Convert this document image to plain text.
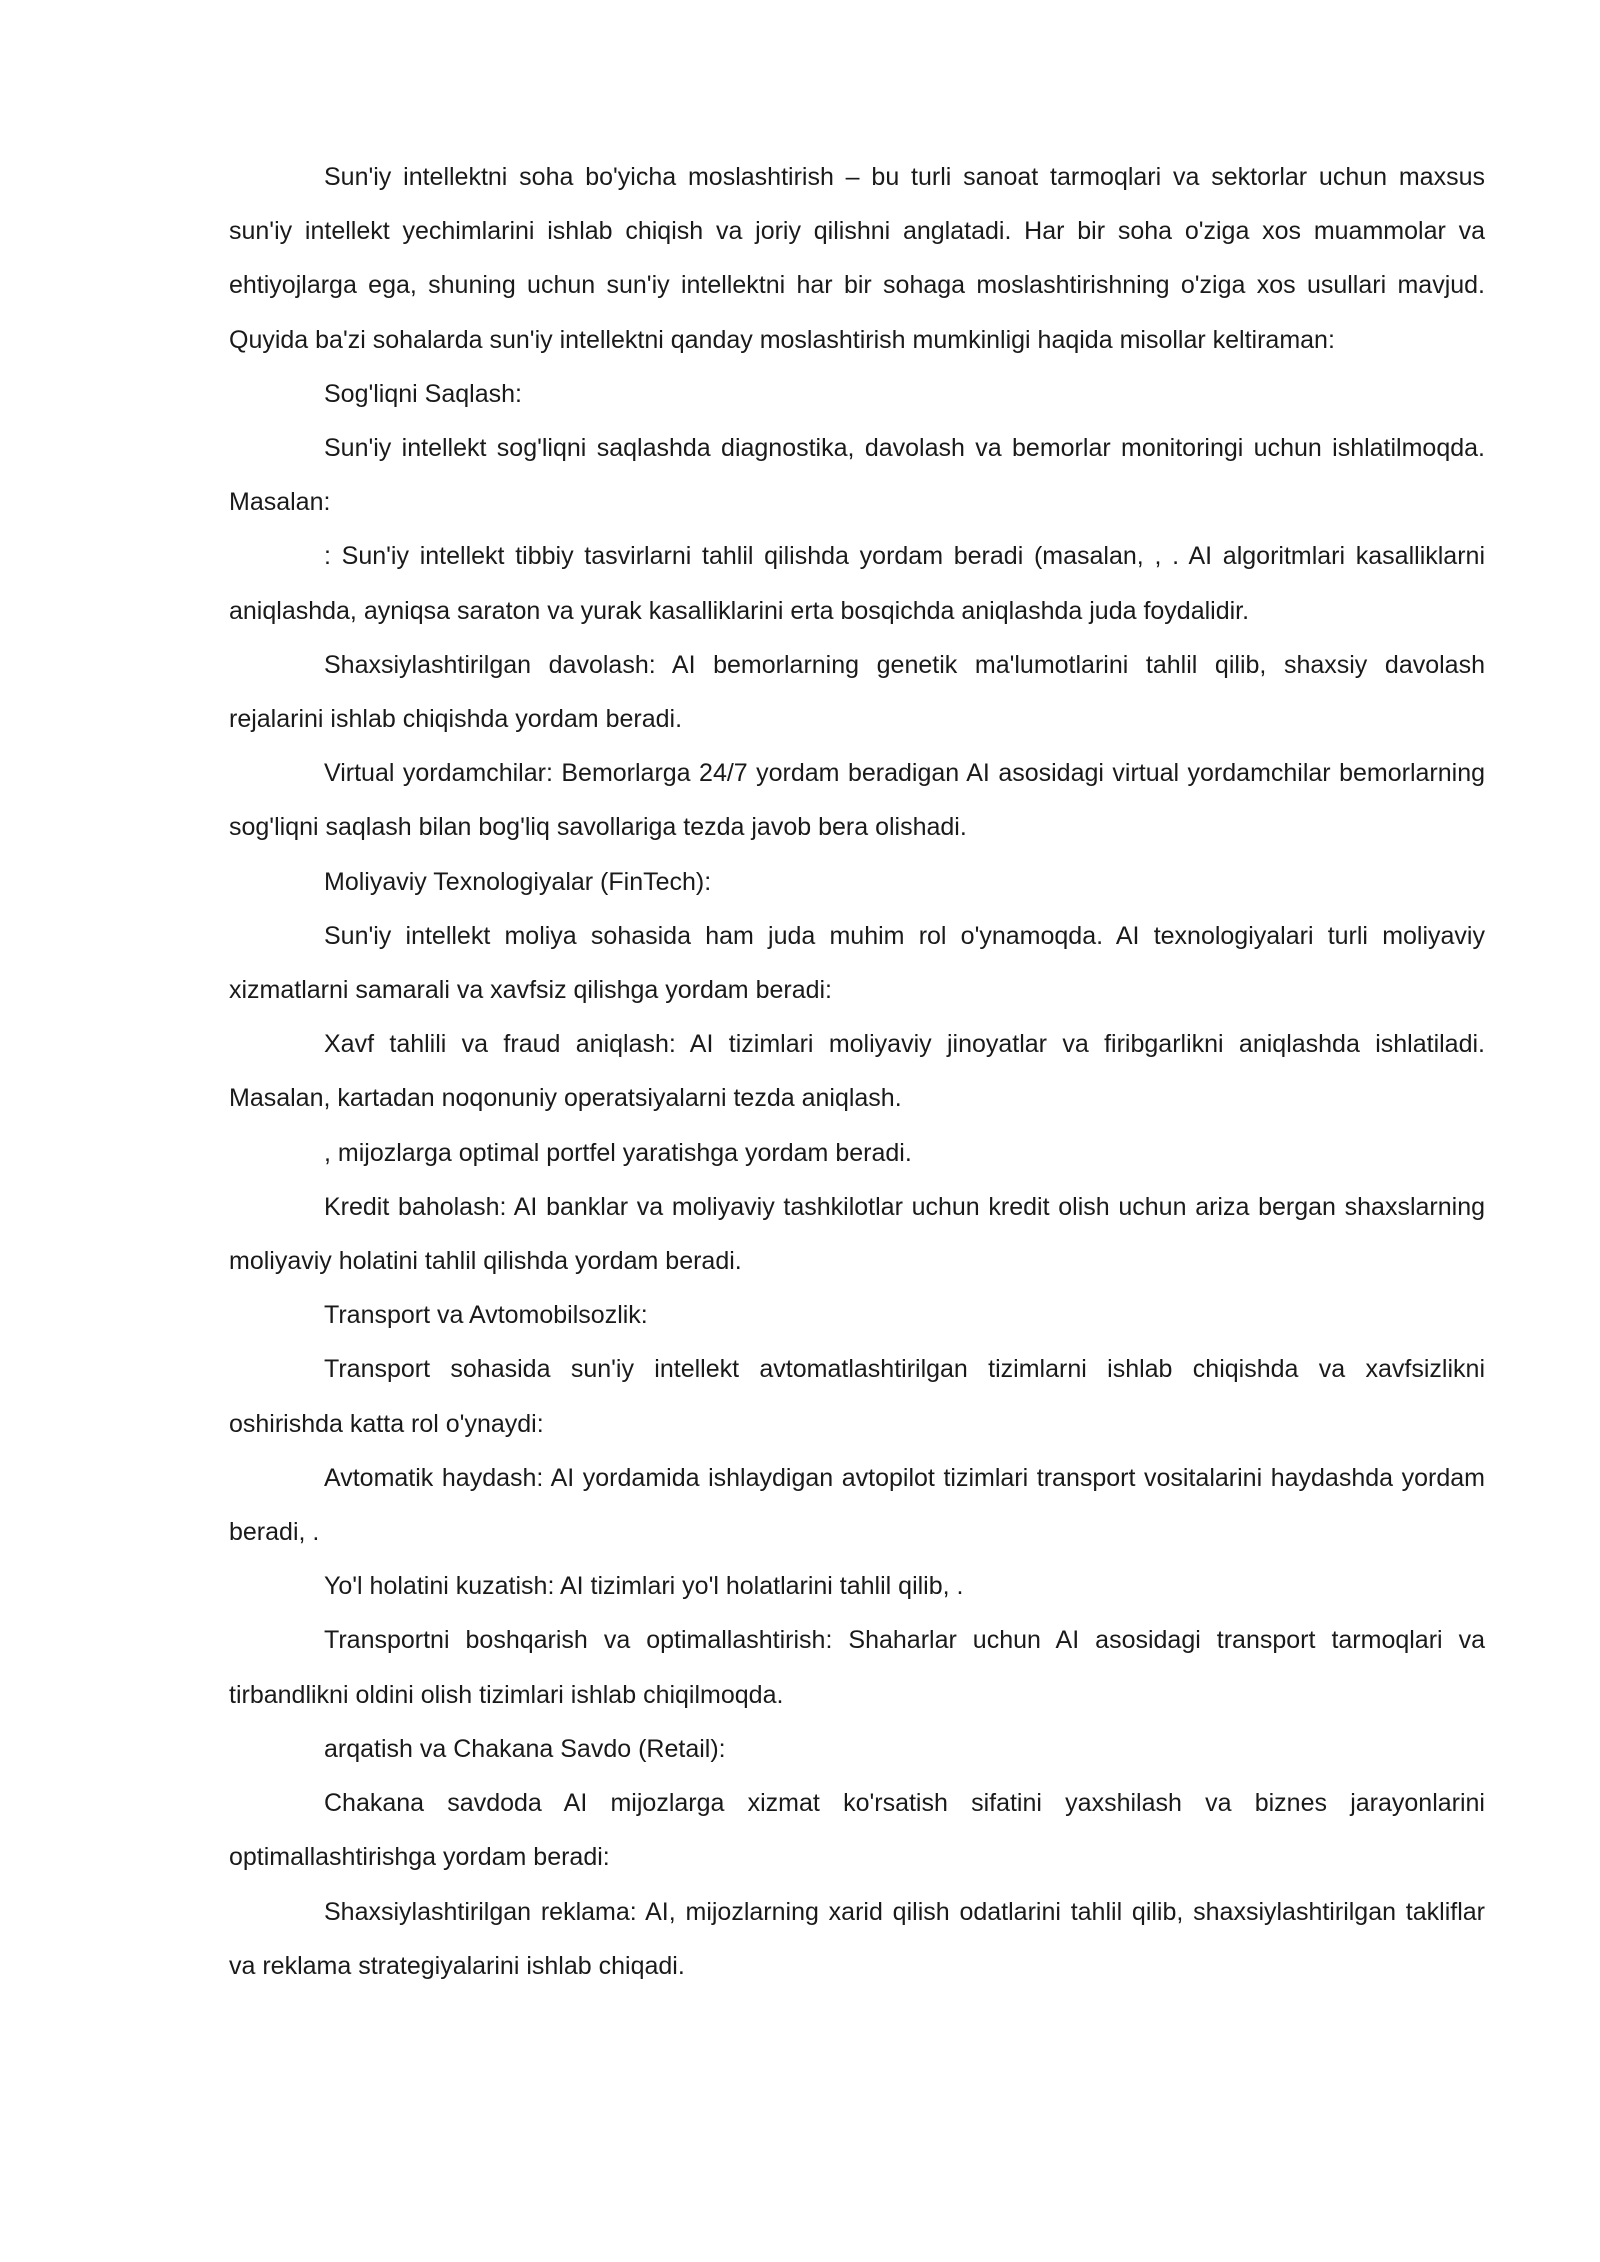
Sun'iy intellektni soha bo'yicha moslashtirish – bu turli sanoat tarmoqlari va sektorlar uchun maxsus sun'iy intellekt yechimlarini ishlab chiqish va joriy qilishni anglatadi. Har bir soha o'ziga xos muammolar va ehtiyojlarga ega, shuning uchun sun'iy intellektni har bir sohaga moslashtirishning o'ziga xos usullari mavjud. Quyida ba'zi sohalarda sun'iy intellektni qanday moslashtirish mumkinligi haqida misollar keltiraman:

Sog'liqni Saqlash:

Sun'iy intellekt sog'liqni saqlashda diagnostika, davolash va bemorlar monitoringi uchun ishlatilmoqda. Masalan:

: Sun'iy intellekt tibbiy tasvirlarni tahlil qilishda yordam beradi (masalan, , . AI algoritmlari kasalliklarni aniqlashda, ayniqsa saraton va yurak kasalliklarini erta bosqichda aniqlashda juda foydalidir.

Shaxsiylashtirilgan davolash: AI bemorlarning genetik ma'lumotlarini tahlil qilib, shaxsiy davolash rejalarini ishlab chiqishda yordam beradi.

Virtual yordamchilar: Bemorlarga 24/7 yordam beradigan AI asosidagi virtual yordamchilar bemorlarning sog'liqni saqlash bilan bog'liq savollariga tezda javob bera olishadi.

Moliyaviy Texnologiyalar (FinTech):

Sun'iy intellekt moliya sohasida ham juda muhim rol o'ynamoqda. AI texnologiyalari turli moliyaviy xizmatlarni samarali va xavfsiz qilishga yordam beradi:

Xavf tahlili va fraud aniqlash: AI tizimlari moliyaviy jinoyatlar va firibgarlikni aniqlashda ishlatiladi. Masalan, kartadan noqonuniy operatsiyalarni tezda aniqlash.

, mijozlarga optimal portfel yaratishga yordam beradi.

Kredit baholash: AI banklar va moliyaviy tashkilotlar uchun kredit olish uchun ariza bergan shaxslarning moliyaviy holatini tahlil qilishda yordam beradi.

Transport va Avtomobilsozlik:

Transport sohasida sun'iy intellekt avtomatlashtirilgan tizimlarni ishlab chiqishda va xavfsizlikni oshirishda katta rol o'ynaydi:

Avtomatik haydash: AI yordamida ishlaydigan avtopilot tizimlari transport vositalarini haydashda yordam beradi, .

Yo'l holatini kuzatish: AI tizimlari yo'l holatlarini tahlil qilib, .

Transportni boshqarish va optimallashtirish: Shaharlar uchun AI asosidagi transport tarmoqlari va tirbandlikni oldini olish tizimlari ishlab chiqilmoqda.

arqatish va Chakana Savdo (Retail):

Chakana savdoda AI mijozlarga xizmat ko'rsatish sifatini yaxshilash va biznes jarayonlarini optimallashtirishga yordam beradi:

Shaxsiylashtirilgan reklama: AI, mijozlarning xarid qilish odatlarini tahlil qilib, shaxsiylashtirilgan takliflar va reklama strategiyalarini ishlab chiqadi.
